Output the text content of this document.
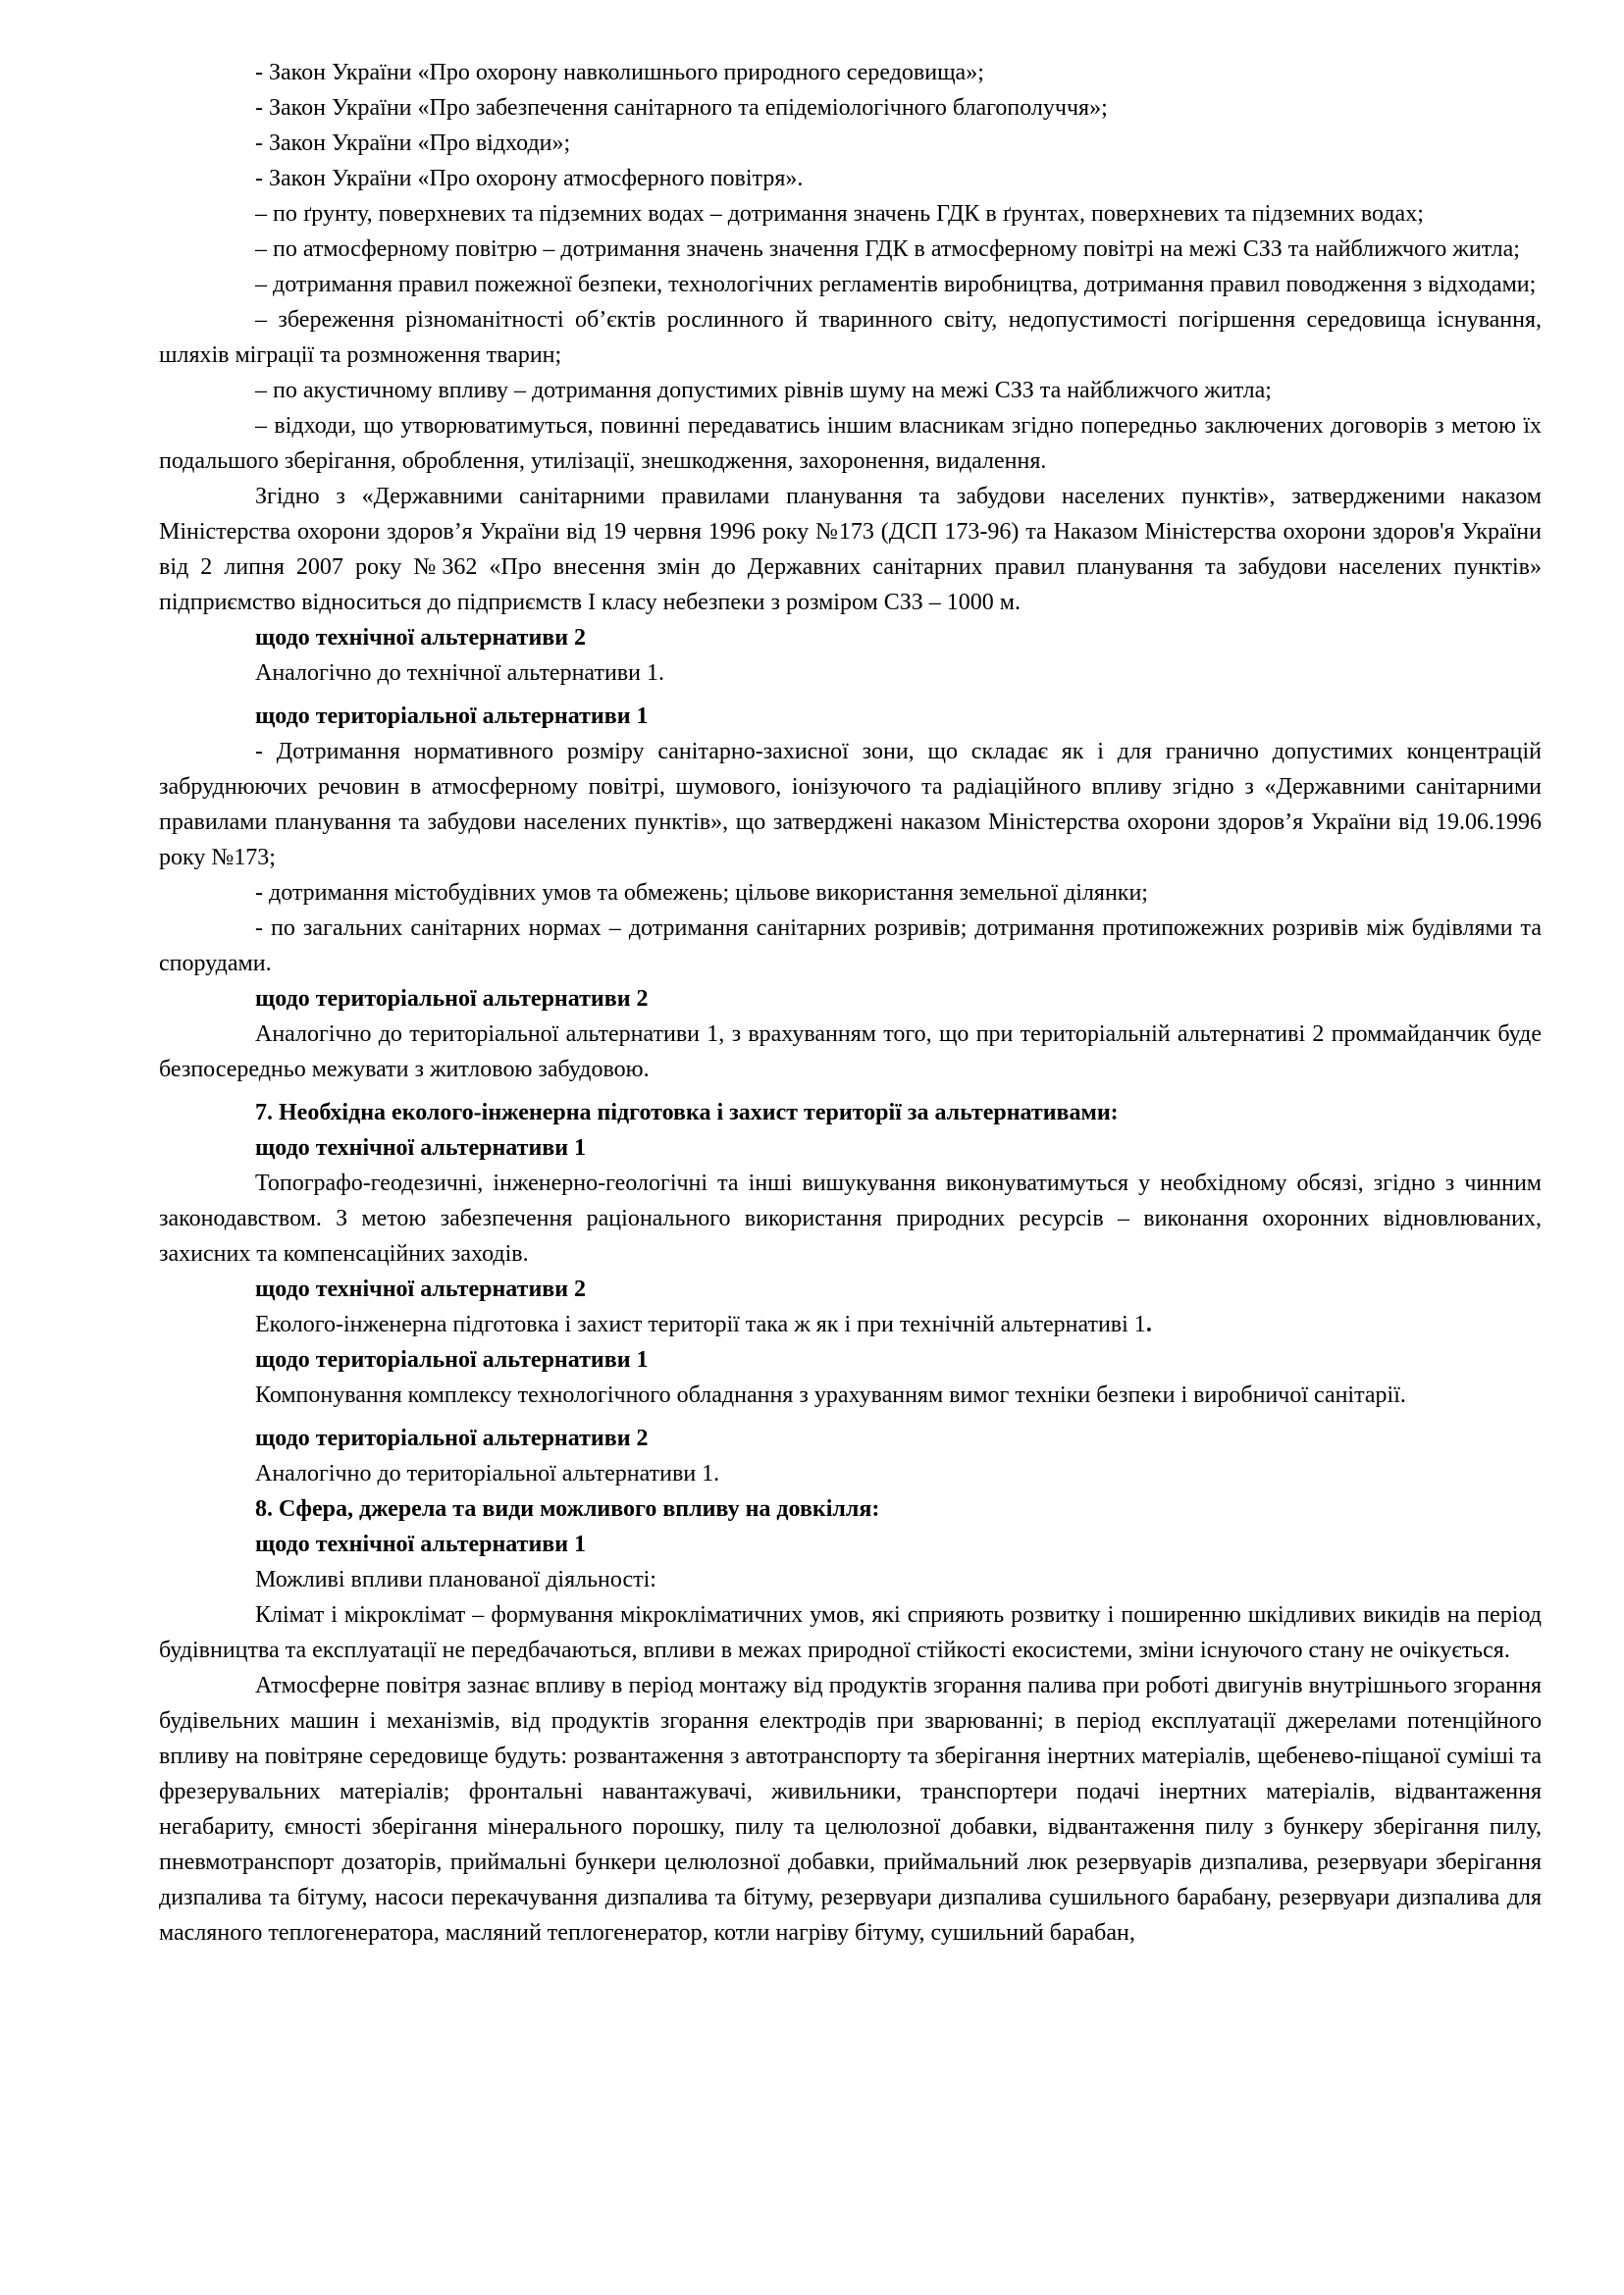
- Закон України «Про охорону навколишнього природного середовища»;

- Закон України «Про забезпечення санітарного та епідеміологічного благополуччя»;

- Закон України «Про відходи»;

- Закон України «Про охорону атмосферного повітря».

– по ґрунту, поверхневих та підземних водах – дотримання значень ГДК в ґрунтах, поверхневих та підземних водах;

– по атмосферному повітрю – дотримання значень значення ГДК в атмосферному повітрі на межі СЗЗ та найближчого житла;

– дотримання правил пожежної безпеки, технологічних регламентів виробництва, дотримання правил поводження з відходами;

– збереження різноманітності об’єктів рослинного й тваринного світу, недопустимості погіршення середовища існування, шляхів міграції та розмноження тварин;

– по акустичному впливу – дотримання допустимих рівнів шуму на межі СЗЗ та найближчого житла;

– відходи, що утворюватимуться, повинні передаватись іншим власникам згідно попередньо заключених договорів з метою їх подальшого зберігання, оброблення, утилізації, знешкодження, захоронення, видалення.

Згідно з «Державними санітарними правилами планування та забудови населених пунктів», затвердженими наказом Міністерства охорони здоров’я України від 19 червня 1996 року №173 (ДСП 173-96) та Наказом Міністерства охорони здоров'я України від 2 липня 2007 року №362 «Про внесення змін до Державних санітарних правил планування та забудови населених пунктів» підприємство відноситься до підприємств І класу небезпеки з розміром СЗЗ – 1000 м.

щодо технічної альтернативи 2

Аналогічно до технічної альтернативи 1.

щодо територіальної альтернативи 1

- Дотримання нормативного розміру санітарно-захисної зони, що складає як і для гранично допустимих концентрацій забруднюючих речовин в атмосферному повітрі, шумового, іонізуючого та радіаційного впливу згідно з «Державними санітарними правилами планування та забудови населених пунктів», що затверджені наказом Міністерства охорони здоров’я України від 19.06.1996 року №173;

- дотримання містобудівних умов та обмежень; цільове використання земельної ділянки;

- по загальних санітарних нормах – дотримання санітарних розривів; дотримання протипожежних розривів між будівлями та спорудами.

щодо територіальної альтернативи 2

Аналогічно до територіальної альтернативи 1, з врахуванням того, що при територіальній альтернативі 2 проммайданчик буде безпосередньо межувати з житловою забудовою.

7. Необхідна еколого-інженерна підготовка і захист території за альтернативами:

щодо технічної альтернативи 1

Топографо-геодезичні, інженерно-геологічні та інші вишукування виконуватимуться у необхідному обсязі, згідно з чинним законодавством. З метою забезпечення раціонального використання природних ресурсів – виконання охоронних відновлюваних, захисних та компенсаційних заходів.

щодо технічної альтернативи 2

Еколого-інженерна підготовка і захист території така ж як і при технічній альтернативі 1.

щодо територіальної альтернативи 1

Компонування комплексу технологічного обладнання з урахуванням вимог техніки безпеки і виробничої санітарії.

щодо територіальної альтернативи 2

Аналогічно до територіальної альтернативи 1.

8. Сфера, джерела та види можливого впливу на довкілля:

щодо технічної альтернативи 1

Можливі впливи планованої діяльності:

Клімат і мікроклімат – формування мікрокліматичних умов, які сприяють розвитку і поширенню шкідливих викидів на період будівництва та експлуатації не передбачаються, впливи в межах природної стійкості екосистеми, зміни існуючого стану не очікується.

Атмосферне повітря зазнає впливу в період монтажу від продуктів згорання палива при роботі двигунів внутрішнього згорання будівельних машин і механізмів, від продуктів згорання електродів при зварюванні; в період експлуатації джерелами потенційного впливу на повітряне середовище будуть: розвантаження з автотранспорту та зберігання інертних матеріалів, щебенево-піщаної суміші та фрезерувальних матеріалів; фронтальні навантажувачі, живильники, транспортери подачі інертних матеріалів, відвантаження негабариту, ємності зберігання мінерального порошку, пилу та целюлозної добавки, відвантаження пилу з бункеру зберігання пилу, пневмотранспорт дозаторів, приймальні бункери целюлозної добавки, приймальний люк резервуарів дизпалива, резервуари зберігання дизпалива та бітуму, насоси перекачування дизпалива та бітуму, резервуари дизпалива сушильного барабану, резервуари дизпалива для масляного теплогенератора, масляний теплогенератор, котли нагріву бітуму, сушильний барабан,
